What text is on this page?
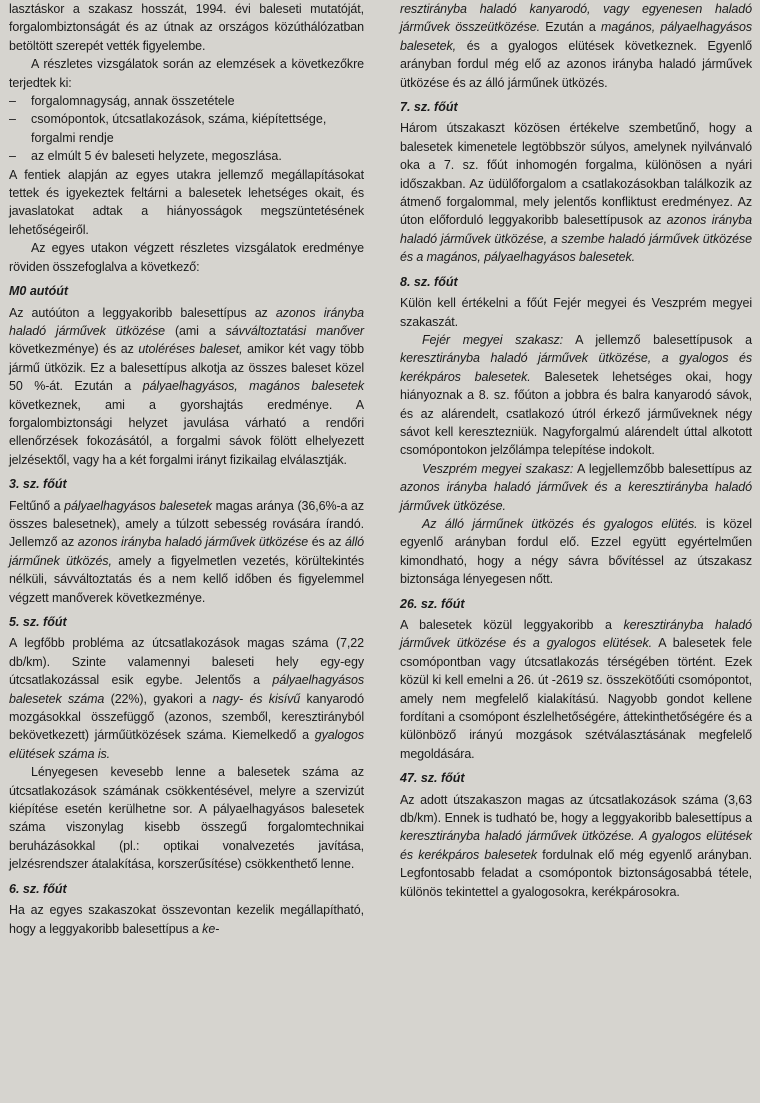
lasztáskor a szakasz hosszát, 1994. évi baleseti mutatóját, forgalombiztonságát és az útnak az országos közúthálózatban betöltött szerepét vették figyelembe.

A részletes vizsgálatok során az elemzések a következőkre terjedtek ki:

– forgalomnagyság, annak összetétele
– csomópontok, útcsatlakozások, száma, kiépítettsége, forgalmi rendje
– az elmúlt 5 év baleseti helyzete, megoszlása.

A fentiek alapján az egyes utakra jellemző megállapításokat tettek és igyekeztek feltárni a balesetek lehetséges okait, és javaslatokat adtak a hiányosságok megszüntetésének lehetőségeiről.

Az egyes utakon végzett részletes vizsgálatok eredménye röviden összefoglalva a következő:

M0 autóút

Az autóúton a leggyakoribb balesettípus az azonos irányba haladó járművek ütközése (ami a sávváltoztatási manőver következménye) és az utoléréses baleset, amikor két vagy több jármű ütközik. Ez a balesettípus alkotja az összes baleset közel 50 %-át. Ezután a pályaelhagyásos, magános balesetek következnek, ami a gyorshajtás eredménye. A forgalombiztonsági helyzet javulása várható a rendőri ellenőrzések fokozásától, a forgalmi sávok fölött elhelyezett jelzésektől, vagy ha a két forgalmi irányt fizikailag elválasztják.

3. sz. főút

Feltűnő a pályaelhagyásos balesetek magas aránya (36,6%-a az összes balesetnek), amely a túlzott sebesség rovására írandó. Jellemző az azonos irányba haladó járművek ütközése és az álló járműnek ütközés, amely a figyelmetlen vezetés, körültekintés nélküli, sávváltoztatás és a nem kellő időben és figyelemmel végzett manőverek következménye.

5. sz. főút

A legfőbb probléma az útcsatlakozások magas száma (7,22 db/km). Szinte valamennyi baleseti hely egy-egy útcsatlakozással esik egybe. Jelentős a pályaelhagyásos balesetek száma (22%), gyakori a nagy- és kisívű kanyarodó mozgásokkal összefüggő (azonos, szemből, keresztirányból bekövetkezett) járműütközések száma. Kiemelkedő a gyalogos elütések száma is.

Lényegesen kevesebb lenne a balesetek száma az útcsatlakozások számának csökkentésével, melyre a szervizút kiépítése esetén kerülhetne sor. A pályaelhagyásos balesetek száma viszonylag kisebb összegű forgalomtechnikai beruházásokkal (pl.: optikai vonalvezetés javítása, jelzésrendszer átalakítása, korszerűsítése) csökkenthető lenne.

6. sz. főút

Ha az egyes szakaszokat összevontan kezelik megállapítható, hogy a leggyakoribb balesettípus a ke-

resztirányba haladó kanyarodó, vagy egyenesen haladó járművek összeütközése. Ezután a magános, pályaelhagyásos balesetek, és a gyalogos elütések következnek. Egyenlő arányban fordul még elő az azonos irányba haladó járművek ütközése és az álló járműnek ütközés.

7. sz. főút

Három útszakaszt közösen értékelve szembetűnő, hogy a balesetek kimenetele legtöbbször súlyos, amelynek nyilvánvaló oka a 7. sz. főút inhomogén forgalma, különösen a nyári időszakban. Az üdülőforgalom a csatlakozásokban találkozik az átmenő forgalommal, mely jelentős konfliktust eredményez. Az úton előforduló leggyakoribb balesettípusok az azonos irányba haladó járművek ütközése, a szembe haladó járművek ütközése és a magános, pályaelhagyásos balesetek.

8. sz. főút

Külön kell értékelni a főút Fejér megyei és Veszprém megyei szakaszát.

Fejér megyei szakasz: A jellemző balesettípusok a keresztirányba haladó járművek ütközése, a gyalogos és kerékpáros balesetek. Balesetek lehetséges okai, hogy hiányoznak a 8. sz. főúton a jobbra és balra kanyarodó sávok, és az alárendelt, csatlakozó útról érkező járműveknek négy sávot kell keresztezniük. Nagyforgalmú alárendelt úttal alkotott csomópontokon jelzőlámpa telepítése indokolt.

Veszprém megyei szakasz: A legjellemzőbb balesettípus az azonos irányba haladó járművek és a keresztirányba haladó járművek ütközése.

Az álló járműnek ütközés és gyalogos elütés. is közel egyenlő arányban fordul elő. Ezzel együtt egyértelműen kimondható, hogy a négy sávra bővítéssel az útszakasz biztonsága lényegesen nőtt.

26. sz. főút

A balesetek közül leggyakoribb a keresztirányba haladó járművek ütközése és a gyalogos elütések. A balesetek fele csomópontban vagy útcsatlakozás térségében történt. Ezek közül ki kell emelni a 26. út -2619 sz. összekötőúti csomópontot, amely nem megfelelő kialakítású. Nagyobb gondot kellene fordítani a csomópont észlelhetőségére, áttekinthetőségére és a különböző irányú mozgások szétválasztásának megfelelő megoldására.

47. sz. főút

Az adott útszakaszon magas az útcsatlakozások száma (3,63 db/km). Ennek is tudható be, hogy a leggyakoribb balesettípus a keresztirányba haladó járművek ütközése. A gyalogos elütések és kerékpáros balesetek fordulnak elő még egyenlő arányban. Legfontosabb feladat a csomópontok biztonságosabbá tétele, különös tekintettel a gyalogosokra, kerékpárosokra.
